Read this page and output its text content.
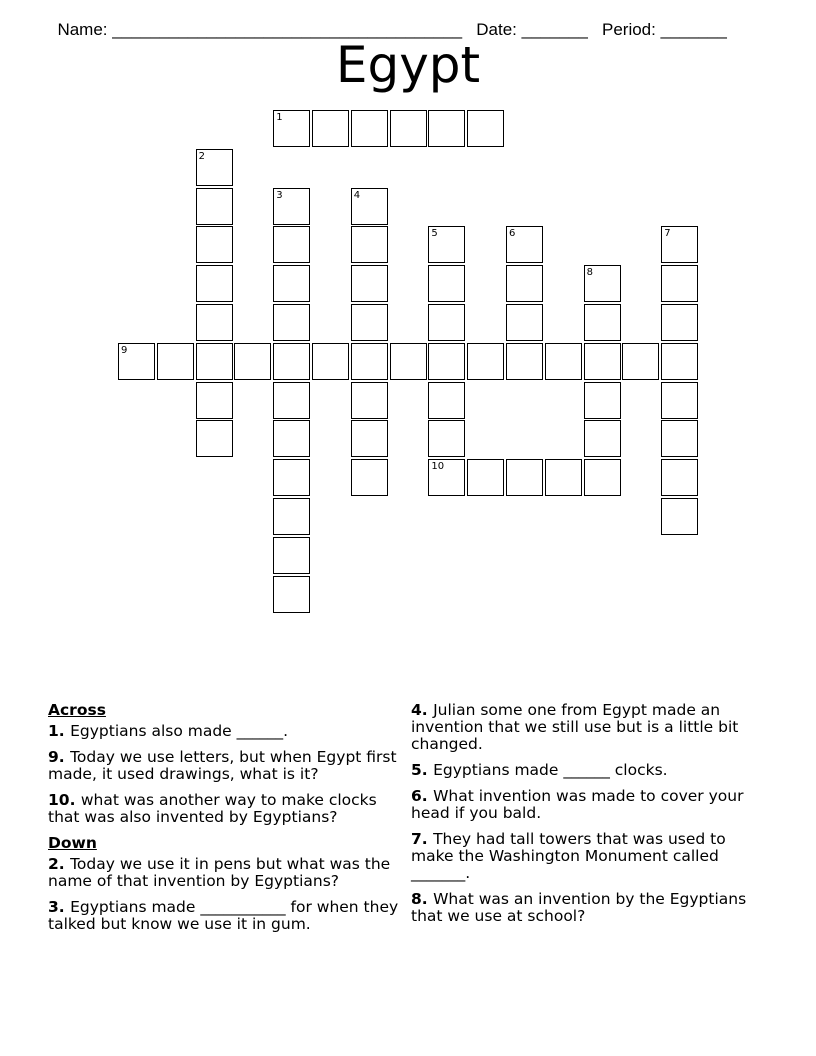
Name: _____________________________________ Date: _______ Period: _______

Egypt
1
2
3	4
5	6	7
8
9
10
Across
1. Egyptians also made ______.
9. Today we use letters, but when Egypt first made, it used drawings, what is it?
10. what was another way to make clocks that was also invented by Egyptians?
Down
2. Today we use it in pens but what was the name of that invention by Egyptians?
3. Egyptians made ___________ for when they talked but know we use it in gum.
4. Julian some one from Egypt made an invention that we still use but is a little bit changed.
5. Egyptians made ______ clocks.
6. What invention was made to cover your head if you bald.
7. They had tall towers that was used to make the Washington Monument called _______.
8. What was an invention by the Egyptians that we use at school?
